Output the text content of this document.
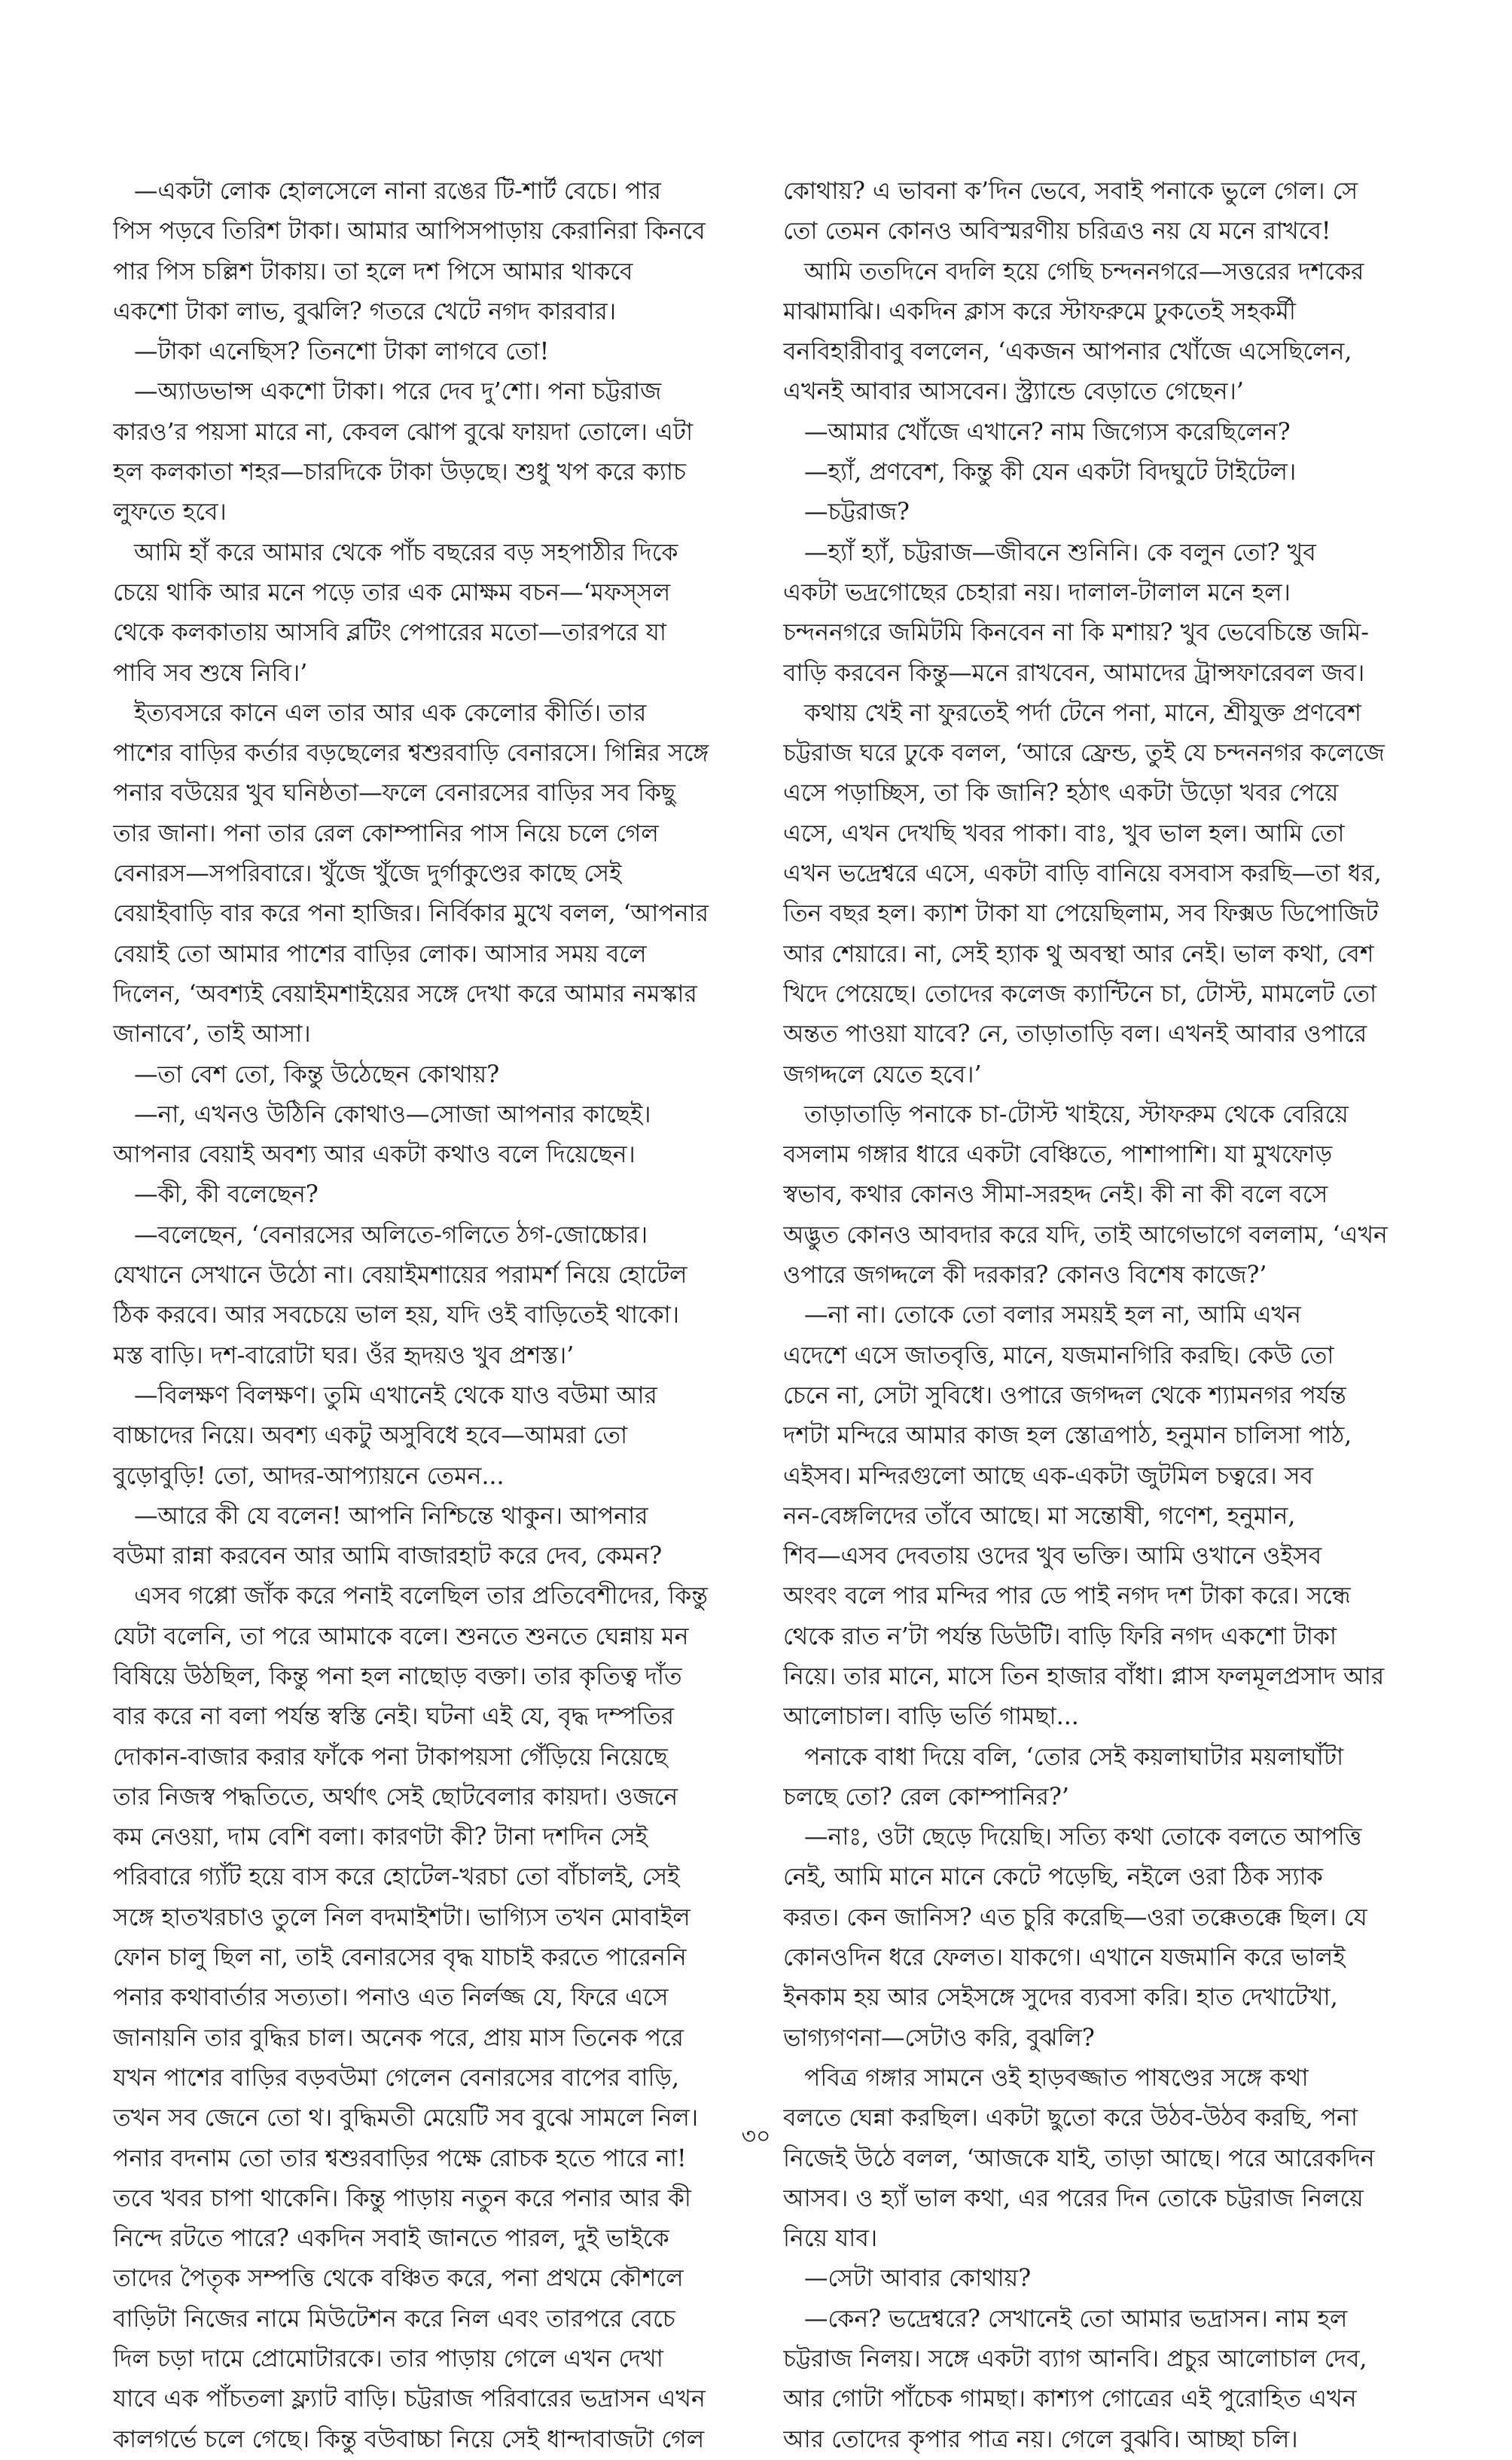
—একটা লোক হোলসেলে নানা রঙের টি-শার্ট বেচে। পার
পিস পড়বে তিরিশ টাকা। আমার আপিসপাড়ায় কেরানিরা কিনবে
পার পিস চল্লিশ টাকায়। তা হলে দশ পিসে আমার থাকবে
একশো টাকা লাভ, বুঝলি? গতরে খেটে নগদ কারবার।
—টাকা এনেছিস? তিনশো টাকা লাগবে তো!
—অ্যাডভান্স একশো টাকা। পরে দেব দু’শো। পনা চট্টরাজ
কারও’র পয়সা মারে না, কেবল ঝোপ বুঝে ফায়দা তোলে। এটা
হল কলকাতা শহর—চারদিকে টাকা উড়ছে। শুধু খপ করে ক্যাচ
লুফতে হবে।
আমি হাঁ করে আমার থেকে পাঁচ বছরের বড় সহপাঠীর দিকে
চেয়ে থাকি আর মনে পড়ে তার এক মোক্ষম বচন—‘মফস্সল
থেকে কলকাতায় আসবি ব্লটিং পেপারের মতো—তারপরে যা
পাবি সব শুষে নিবি।’
ইত্যবসরে কানে এল তার আর এক কেলোর কীর্তি। তার
পাশের বাড়ির কর্তার বড়ছেলের শ্বশুরবাড়ি বেনারসে। গিন্নির সঙ্গে
পনার বউয়ের খুব ঘনিষ্ঠতা—ফলে বেনারসের বাড়ির সব কিছু
তার জানা। পনা তার রেল কোম্পানির পাস নিয়ে চলে গেল
বেনারস—সপরিবারে। খুঁজে খুঁজে দুর্গাকুণ্ডের কাছে সেই
বেয়াইবাড়ি বার করে পনা হাজির। নির্বিকার মুখে বলল, ‘আপনার
বেয়াই তো আমার পাশের বাড়ির লোক। আসার সময় বলে
দিলেন, ‘অবশ্যই বেয়াইমশাইয়ের সঙ্গে দেখা করে আমার নমস্কার
জানাবে’, তাই আসা।
—তা বেশ তো, কিন্তু উঠেছেন কোথায়?
—না, এখনও উঠিনি কোথাও—সোজা আপনার কাছেই।
আপনার বেয়াই অবশ্য আর একটা কথাও বলে দিয়েছেন।
—কী, কী বলেছেন?
—বলেছেন, ‘বেনারসের অলিতে-গলিতে ঠগ-জোচ্চোর।
যেখানে সেখানে উঠো না। বেয়াইমশায়ের পরামর্শ নিয়ে হোটেল
ঠিক করবে। আর সবচেয়ে ভাল হয়, যদি ওই বাড়িতেই থাকো।
মস্ত বাড়ি। দশ-বারোটা ঘর। ওঁর হৃদয়ও খুব প্রশস্ত।’
—বিলক্ষণ বিলক্ষণ। তুমি এখানেই থেকে যাও বউমা আর
বাচ্চাদের নিয়ে। অবশ্য একটু অসুবিধে হবে—আমরা তো
বুড়োবুড়ি! তো, আদর-আপ্যায়নে তেমন...
—আরে কী যে বলেন! আপনি নিশ্চিন্তে থাকুন। আপনার
বউমা রান্না করবেন আর আমি বাজারহাট করে দেব, কেমন?
এসব গপ্পো জাঁক করে পনাই বলেছিল তার প্রতিবেশীদের, কিন্তু
যেটা বলেনি, তা পরে আমাকে বলে। শুনতে শুনতে ঘেন্নায় মন
বিষিয়ে উঠছিল, কিন্তু পনা হল নাছোড় বক্তা। তার কৃতিত্ব দাঁত
বার করে না বলা পর্যন্ত স্বস্তি নেই। ঘটনা এই যে, বৃদ্ধ দম্পতির
দোকান-বাজার করার ফাঁকে পনা টাকাপয়সা গেঁড়িয়ে নিয়েছে
তার নিজস্ব পদ্ধতিতে, অর্থাৎ সেই ছোটবেলার কায়দা। ওজনে
কম নেওয়া, দাম বেশি বলা। কারণটা কী? টানা দশদিন সেই
পরিবারে গ্যাঁট হয়ে বাস করে হোটেল-খরচা তো বাঁচালই, সেই
সঙ্গে হাতখরচাও তুলে নিল বদমাইশটা। ভাগ্যিস তখন মোবাইল
ফোন চালু ছিল না, তাই বেনারসের বৃদ্ধ যাচাই করতে পারেননি
পনার কথাবার্তার সত্যতা। পনাও এত নির্লজ্জ যে, ফিরে এসে
জানায়নি তার বুদ্ধির চাল। অনেক পরে, প্রায় মাস তিনেক পরে
যখন পাশের বাড়ির বড়বউমা গেলেন বেনারসের বাপের বাড়ি,
তখন সব জেনে তো থ। বুদ্ধিমতী মেয়েটি সব বুঝে সামলে নিল।
পনার বদনাম তো তার শ্বশুরবাড়ির পক্ষে রোচক হতে পারে না!
তবে খবর চাপা থাকেনি। কিন্তু পাড়ায় নতুন করে পনার আর কী
নিন্দে রটতে পারে? একদিন সবাই জানতে পারল, দুই ভাইকে
তাদের পৈতৃক সম্পত্তি থেকে বঞ্চিত করে, পনা প্রথমে কৌশলে
বাড়িটা নিজের নামে মিউটেশন করে নিল এবং তারপরে বেচে
দিল চড়া দামে প্রোমোটারকে। তার পাড়ায় গেলে এখন দেখা
যাবে এক পাঁচতলা ফ্ল্যাট বাড়ি। চট্টরাজ পরিবারের ভদ্রাসন এখন
কালগর্ভে চলে গেছে। কিন্তু বউবাচ্চা নিয়ে সেই ধান্দাবাজটা গেল
কোথায়? এ ভাবনা ক’দিন ভেবে, সবাই পনাকে ভুলে গেল। সে
তো তেমন কোনও অবিস্মরণীয় চরিত্রও নয় যে মনে রাখবে!
আমি ততদিনে বদলি হয়ে গেছি চন্দননগরে—সত্তরের দশকের
মাঝামাঝি। একদিন ক্লাস করে স্টাফরুমে ঢুকতেই সহকর্মী
বনবিহারীবাবু বললেন, ‘একজন আপনার খোঁজে এসেছিলেন,
এখনই আবার আসবেন। স্ট্র্যান্ডে বেড়াতে গেছেন।’
—আমার খোঁজে এখানে? নাম জিগ্যেস করেছিলেন?
—হ্যাঁ, প্রণবেশ, কিন্তু কী যেন একটা বিদঘুটে টাইটেল।
—চট্টরাজ?
—হ্যাঁ হ্যাঁ, চট্টরাজ—জীবনে শুনিনি। কে বলুন তো? খুব
একটা ভদ্রগোছের চেহারা নয়। দালাল-টালাল মনে হল।
চন্দননগরে জমিটমি কিনবেন না কি মশায়? খুব ভেবেচিন্তে জমি-
বাড়ি করবেন কিন্তু—মনে রাখবেন, আমাদের ট্রান্সফারেবল জব।
কথায় খেই না ফুরতেই পর্দা টেনে পনা, মানে, শ্রীযুক্ত প্রণবেশ
চট্টরাজ ঘরে ঢুকে বলল, ‘আরে ফ্রেন্ড, তুই যে চন্দননগর কলেজে
এসে পড়াচ্ছিস, তা কি জানি? হঠাৎ একটা উড়ো খবর পেয়ে
এসে, এখন দেখছি খবর পাকা। বাঃ, খুব ভাল হল। আমি তো
এখন ভদ্রেশ্বরে এসে, একটা বাড়ি বানিয়ে বসবাস করছি—তা ধর,
তিন বছর হল। ক্যাশ টাকা যা পেয়েছিলাম, সব ফিক্সড ডিপোজিট
আর শেয়ারে। না, সেই হ্যাক থু অবস্থা আর নেই। ভাল কথা, বেশ
খিদে পেয়েছে। তোদের কলেজ ক্যান্টিনে চা, টোস্ট, মামলেট তো
অন্তত পাওয়া যাবে? নে, তাড়াতাড়ি বল। এখনই আবার ওপারে
জগদ্দলে যেতে হবে।’
তাড়াতাড়ি পনাকে চা-টোস্ট খাইয়ে, স্টাফরুম থেকে বেরিয়ে
বসলাম গঙ্গার ধারে একটা বেঞ্চিতে, পাশাপাশি। যা মুখফোড়
স্বভাব, কথার কোনও সীমা-সরহদ্দ নেই। কী না কী বলে বসে
অদ্ভুত কোনও আবদার করে যদি, তাই আগেভাগে বললাম, ‘এখন
ওপারে জগদ্দলে কী দরকার? কোনও বিশেষ কাজে?’
—না না। তোকে তো বলার সময়ই হল না, আমি এখন
এদেশে এসে জাতবৃত্তি, মানে, যজমানগিরি করছি। কেউ তো
চেনে না, সেটা সুবিধে। ওপারে জগদ্দল থেকে শ্যামনগর পর্যন্ত
দশটা মন্দিরে আমার কাজ হল স্তোত্রপাঠ, হনুমান চালিসা পাঠ,
এইসব। মন্দিরগুলো আছে এক-একটা জুটমিল চত্বরে। সব
নন-বেঙ্গলিদের তাঁবে আছে। মা সন্তোষী, গণেশ, হনুমান,
শিব—এসব দেবতায় ওদের খুব ভক্তি। আমি ওখানে ওইসব
অংবং বলে পার মন্দির পার ডে পাই নগদ দশ টাকা করে। সন্ধে
থেকে রাত ন’টা পর্যন্ত ডিউটি। বাড়ি ফিরি নগদ একশো টাকা
নিয়ে। তার মানে, মাসে তিন হাজার বাঁধা। প্লাস ফলমূলপ্রসাদ আর
আলোচাল। বাড়ি ভর্তি গামছা...
পনাকে বাধা দিয়ে বলি, ‘তোর সেই কয়লাঘাটার ময়লাঘাঁটা
চলছে তো? রেল কোম্পানির?’
—নাঃ, ওটা ছেড়ে দিয়েছি। সত্যি কথা তোকে বলতে আপত্তি
নেই, আমি মানে মানে কেটে পড়েছি, নইলে ওরা ঠিক স্যাক
করত। কেন জানিস? এত চুরি করেছি—ওরা তক্কেতক্কে ছিল। যে
কোনওদিন ধরে ফেলত। যাকগে। এখানে যজমানি করে ভালই
ইনকাম হয় আর সেইসঙ্গে সুদের ব্যবসা করি। হাত দেখাটেখা,
ভাগ্যগণনা—সেটাও করি, বুঝলি?
পবিত্র গঙ্গার সামনে ওই হাড়বজ্জাত পাষণ্ডের সঙ্গে কথা
বলতে ঘেন্না করছিল। একটা ছুতো করে উঠব-উঠব করছি, পনা
নিজেই উঠে বলল, ‘আজকে যাই, তাড়া আছে। পরে আরেকদিন
আসব। ও হ্যাঁ ভাল কথা, এর পরের দিন তোকে চট্টরাজ নিলয়ে
নিয়ে যাব।
—সেটা আবার কোথায়?
—কেন? ভদ্রেশ্বরে? সেখানেই তো আমার ভদ্রাসন। নাম হল
চট্টরাজ নিলয়। সঙ্গে একটা ব্যাগ আনবি। প্রচুর আলোচাল দেব,
আর গোটা পাঁচেক গামছা। কাশ্যপ গোত্রের এই পুরোহিত এখন
আর তোদের কৃপার পাত্র নয়। গেলে বুঝবি। আচ্ছা চলি।
৩০
